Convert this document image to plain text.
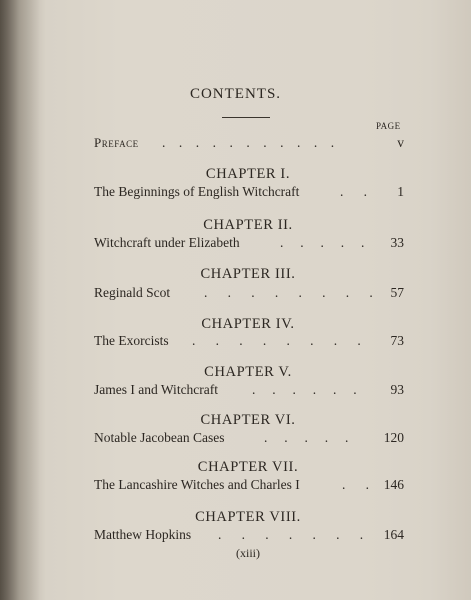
CONTENTS.
PAGE
Preface .    .    .    .    .    .    .    .    .    .    .	v
CHAPTER I.
The Beginnings of English Witchcraft	.      . 1
CHAPTER II.
Witchcraft under Elizabeth	.     .     .     .     . 33
CHAPTER III.
Reginald Scot	.      .      .      .      .      .      .      . 57
CHAPTER IV.
The Exorcists .      .      .      .      .      .      .      . 73
CHAPTER V.
James I and Witchcraft	.     .     .     .     .     .	93
CHAPTER VI.
Notable Jacobean Cases	.     .     .     .     .	120
CHAPTER VII.
The Lancashire Witches and Charles I	.      . 146
CHAPTER VIII.
Matthew Hopkins .      .      .      .      .      .      . 164
(xiii)
